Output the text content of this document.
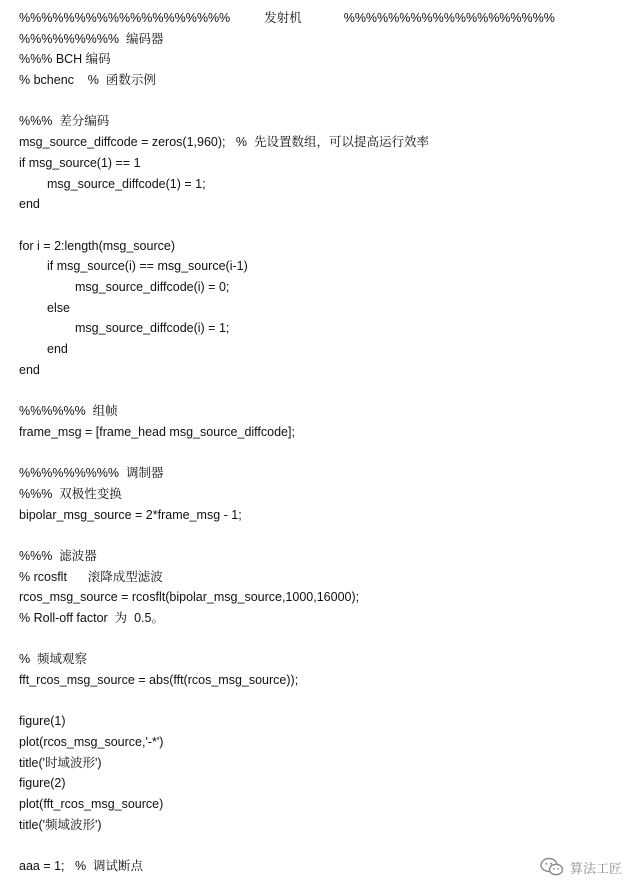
%%%%%%%%%%%%%%%%%%%	发射机	%%%%%%%%%%%%%%%%%%%
%%%%%%%%%  编码器
%%% BCH 编码
% bchenc    %  函数示例
%%%  差分编码
msg_source_diffcode = zeros(1,960);   %  先设置数组，可以提高运行效率
if msg_source(1) == 1
msg_source_diffcode(1) = 1;
end
for i = 2:length(msg_source)
if msg_source(i) == msg_source(i-1)
msg_source_diffcode(i) = 0;
else
msg_source_diffcode(i) = 1;
end
end
%%%%%%  组帧
frame_msg = [frame_head msg_source_diffcode];
%%%%%%%%%  调制器
%%%  双极性变换
bipolar_msg_source = 2*frame_msg - 1;
%%%  滤波器
% rcosflt      滚降成型滤波
rcos_msg_source = rcosflt(bipolar_msg_source,1000,16000);
% Roll-off factor  为  0.5。
%  频域观察
fft_rcos_msg_source = abs(fft(rcos_msg_source));
figure(1)
plot(rcos_msg_source,'-*')
title('时域波形')
figure(2)
plot(fft_rcos_msg_source)
title('频域波形')
aaa = 1;   %  调试断点	算法工匠
